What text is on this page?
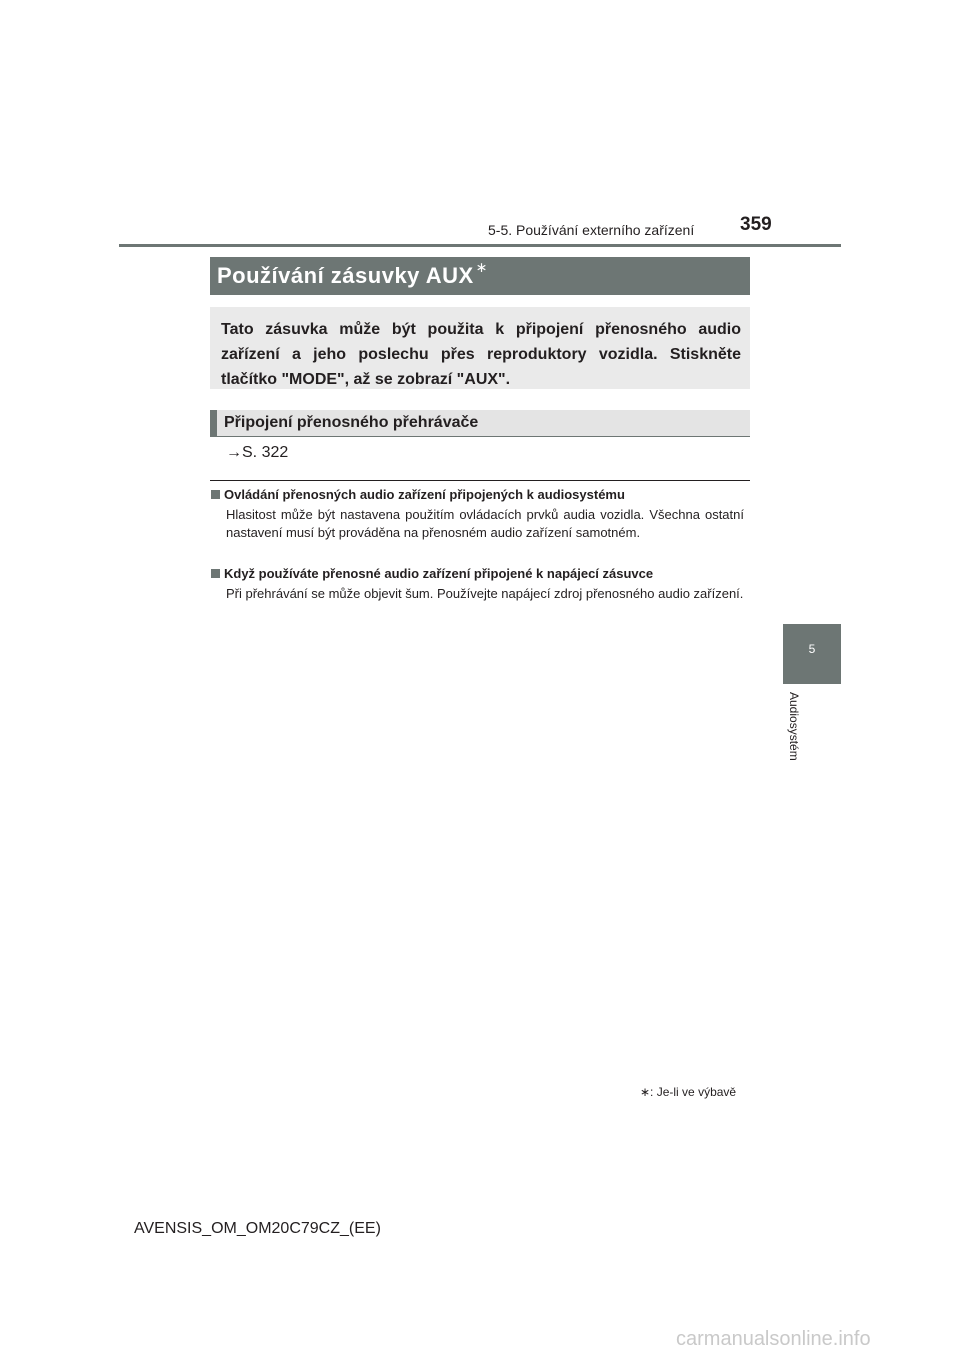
5-5. Používání externího zařízení 359
5
Audiosystém
Používání zásuvky AUX ∗
Tato zásuvka může být použita k připojení přenosného audio zařízení a jeho poslechu přes reproduktory vozidla. Stiskněte tlačítko "MODE", až se zobrazí "AUX".
Připojení přenosného přehrávače
→S. 322
Ovládání přenosných audio zařízení připojených k audiosystému
Hlasitost může být nastavena použitím ovládacích prvků audia vozidla. Všechna ostatní nastavení musí být prováděna na přenosném audio zařízení samotném.
Když používáte přenosné audio zařízení připojené k napájecí zásuvce
Při přehrávání se může objevit šum. Používejte napájecí zdroj přenosného audio zařízení.
∗: Je-li ve výbavě
AVENSIS_OM_OM20C79CZ_(EE)
carmanualsonline.info
